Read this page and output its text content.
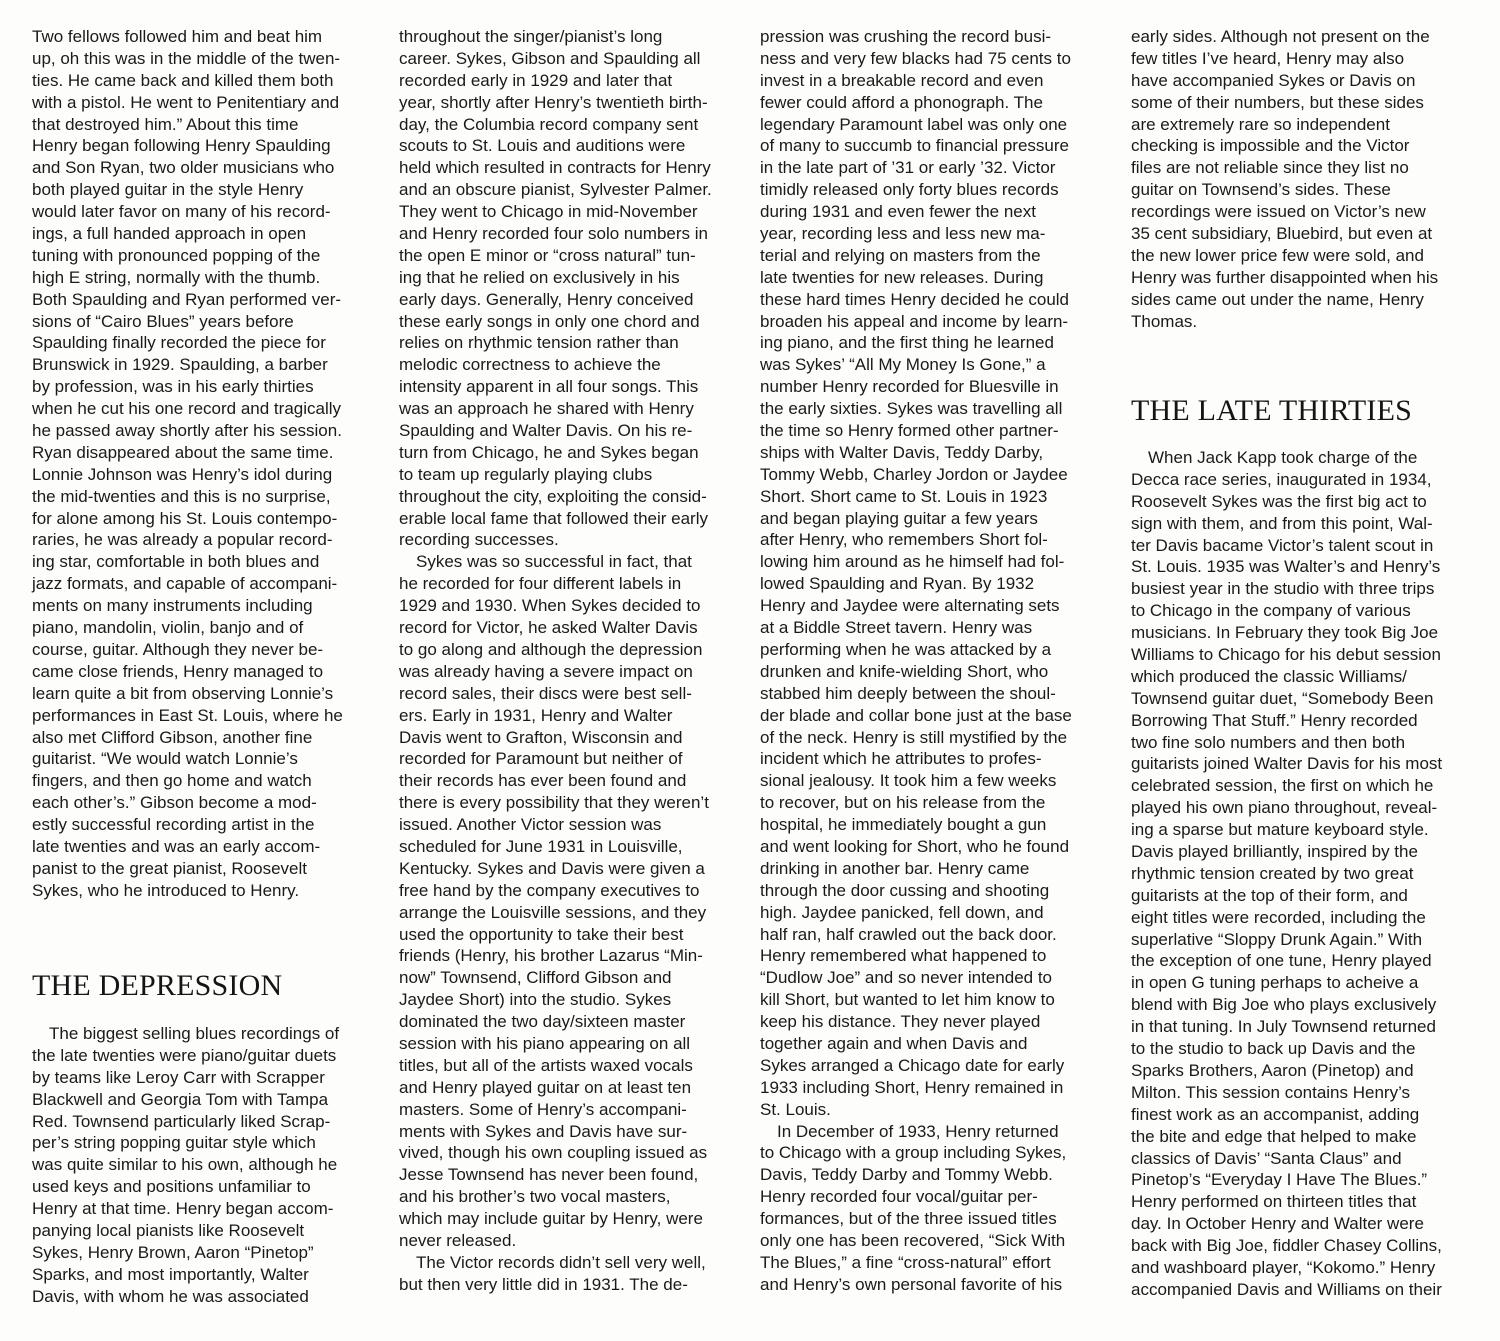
Two fellows followed him and beat him
up, oh this was in the middle of the twen-
ties. He came back and killed them both
with a pistol. He went to Penitentiary and
that destroyed him.” About this time
Henry began following Henry Spaulding
and Son Ryan, two older musicians who
both played guitar in the style Henry
would later favor on many of his record-
ings, a full handed approach in open
tuning with pronounced popping of the
high E string, normally with the thumb.
Both Spaulding and Ryan performed ver-
sions of “Cairo Blues” years before
Spaulding finally recorded the piece for
Brunswick in 1929. Spaulding, a barber
by profession, was in his early thirties
when he cut his one record and tragically
he passed away shortly after his session.
Ryan disappeared about the same time.
Lonnie Johnson was Henry’s idol during
the mid-twenties and this is no surprise,
for alone among his St. Louis contempo-
raries, he was already a popular record-
ing star, comfortable in both blues and
jazz formats, and capable of accompani-
ments on many instruments including
piano, mandolin, violin, banjo and of
course, guitar. Although they never be-
came close friends, Henry managed to
learn quite a bit from observing Lonnie’s
performances in East St. Louis, where he
also met Clifford Gibson, another fine
guitarist. “We would watch Lonnie’s
fingers, and then go home and watch
each other’s.” Gibson become a mod-
estly successful recording artist in the
late twenties and was an early accom-
panist to the great pianist, Roosevelt
Sykes, who he introduced to Henry.
THE DEPRESSION
 The biggest selling blues recordings of
the late twenties were piano/guitar duets
by teams like Leroy Carr with Scrapper
Blackwell and Georgia Tom with Tampa
Red. Townsend particularly liked Scrap-
per’s string popping guitar style which
was quite similar to his own, although he
used keys and positions unfamiliar to
Henry at that time. Henry began accom-
panying local pianists like Roosevelt
Sykes, Henry Brown, Aaron “Pinetop”
Sparks, and most importantly, Walter
Davis, with whom he was associated
throughout the singer/pianist’s long
career. Sykes, Gibson and Spaulding all
recorded early in 1929 and later that
year, shortly after Henry’s twentieth birth-
day, the Columbia record company sent
scouts to St. Louis and auditions were
held which resulted in contracts for Henry
and an obscure pianist, Sylvester Palmer.
They went to Chicago in mid-November
and Henry recorded four solo numbers in
the open E minor or “cross natural” tun-
ing that he relied on exclusively in his
early days. Generally, Henry conceived
these early songs in only one chord and
relies on rhythmic tension rather than
melodic correctness to achieve the
intensity apparent in all four songs. This
was an approach he shared with Henry
Spaulding and Walter Davis. On his re-
turn from Chicago, he and Sykes began
to team up regularly playing clubs
throughout the city, exploiting the consid-
erable local fame that followed their early
recording successes.
 Sykes was so successful in fact, that
he recorded for four different labels in
1929 and 1930. When Sykes decided to
record for Victor, he asked Walter Davis
to go along and although the depression
was already having a severe impact on
record sales, their discs were best sell-
ers. Early in 1931, Henry and Walter
Davis went to Grafton, Wisconsin and
recorded for Paramount but neither of
their records has ever been found and
there is every possibility that they weren’t
issued. Another Victor session was
scheduled for June 1931 in Louisville,
Kentucky. Sykes and Davis were given a
free hand by the company executives to
arrange the Louisville sessions, and they
used the opportunity to take their best
friends (Henry, his brother Lazarus “Min-
now” Townsend, Clifford Gibson and
Jaydee Short) into the studio. Sykes
dominated the two day/sixteen master
session with his piano appearing on all
titles, but all of the artists waxed vocals
and Henry played guitar on at least ten
masters. Some of Henry’s accompani-
ments with Sykes and Davis have sur-
vived, though his own coupling issued as
Jesse Townsend has never been found,
and his brother’s two vocal masters,
which may include guitar by Henry, were
never released.
 The Victor records didn’t sell very well,
but then very little did in 1931. The de-
pression was crushing the record busi-
ness and very few blacks had 75 cents to
invest in a breakable record and even
fewer could afford a phonograph. The
legendary Paramount label was only one
of many to succumb to financial pressure
in the late part of ’31 or early ’32. Victor
timidly released only forty blues records
during 1931 and even fewer the next
year, recording less and less new ma-
terial and relying on masters from the
late twenties for new releases. During
these hard times Henry decided he could
broaden his appeal and income by learn-
ing piano, and the first thing he learned
was Sykes’ “All My Money Is Gone,” a
number Henry recorded for Bluesville in
the early sixties. Sykes was travelling all
the time so Henry formed other partner-
ships with Walter Davis, Teddy Darby,
Tommy Webb, Charley Jordon or Jaydee
Short. Short came to St. Louis in 1923
and began playing guitar a few years
after Henry, who remembers Short fol-
lowing him around as he himself had fol-
lowed Spaulding and Ryan. By 1932
Henry and Jaydee were alternating sets
at a Biddle Street tavern. Henry was
performing when he was attacked by a
drunken and knife-wielding Short, who
stabbed him deeply between the shoul-
der blade and collar bone just at the base
of the neck. Henry is still mystified by the
incident which he attributes to profes-
sional jealousy. It took him a few weeks
to recover, but on his release from the
hospital, he immediately bought a gun
and went looking for Short, who he found
drinking in another bar. Henry came
through the door cussing and shooting
high. Jaydee panicked, fell down, and
half ran, half crawled out the back door.
Henry remembered what happened to
“Dudlow Joe” and so never intended to
kill Short, but wanted to let him know to
keep his distance. They never played
together again and when Davis and
Sykes arranged a Chicago date for early
1933 including Short, Henry remained in
St. Louis.
 In December of 1933, Henry returned
to Chicago with a group including Sykes,
Davis, Teddy Darby and Tommy Webb.
Henry recorded four vocal/guitar per-
formances, but of the three issued titles
only one has been recovered, “Sick With
The Blues,” a fine “cross-natural” effort
and Henry’s own personal favorite of his
early sides. Although not present on the
few titles I’ve heard, Henry may also
have accompanied Sykes or Davis on
some of their numbers, but these sides
are extremely rare so independent
checking is impossible and the Victor
files are not reliable since they list no
guitar on Townsend’s sides. These
recordings were issued on Victor’s new
35 cent subsidiary, Bluebird, but even at
the new lower price few were sold, and
Henry was further disappointed when his
sides came out under the name, Henry
Thomas.
THE LATE THIRTIES
 When Jack Kapp took charge of the
Decca race series, inaugurated in 1934,
Roosevelt Sykes was the first big act to
sign with them, and from this point, Wal-
ter Davis bacame Victor’s talent scout in
St. Louis. 1935 was Walter’s and Henry’s
busiest year in the studio with three trips
to Chicago in the company of various
musicians. In February they took Big Joe
Williams to Chicago for his debut session
which produced the classic Williams/
Townsend guitar duet, “Somebody Been
Borrowing That Stuff.” Henry recorded
two fine solo numbers and then both
guitarists joined Walter Davis for his most
celebrated session, the first on which he
played his own piano throughout, reveal-
ing a sparse but mature keyboard style.
Davis played brilliantly, inspired by the
rhythmic tension created by two great
guitarists at the top of their form, and
eight titles were recorded, including the
superlative “Sloppy Drunk Again.” With
the exception of one tune, Henry played
in open G tuning perhaps to acheive a
blend with Big Joe who plays exclusively
in that tuning. In July Townsend returned
to the studio to back up Davis and the
Sparks Brothers, Aaron (Pinetop) and
Milton. This session contains Henry’s
finest work as an accompanist, adding
the bite and edge that helped to make
classics of Davis’ “Santa Claus” and
Pinetop’s “Everyday I Have The Blues.”
Henry performed on thirteen titles that
day. In October Henry and Walter were
back with Big Joe, fiddler Chasey Collins,
and washboard player, “Kokomo.” Henry
accompanied Davis and Williams on their
